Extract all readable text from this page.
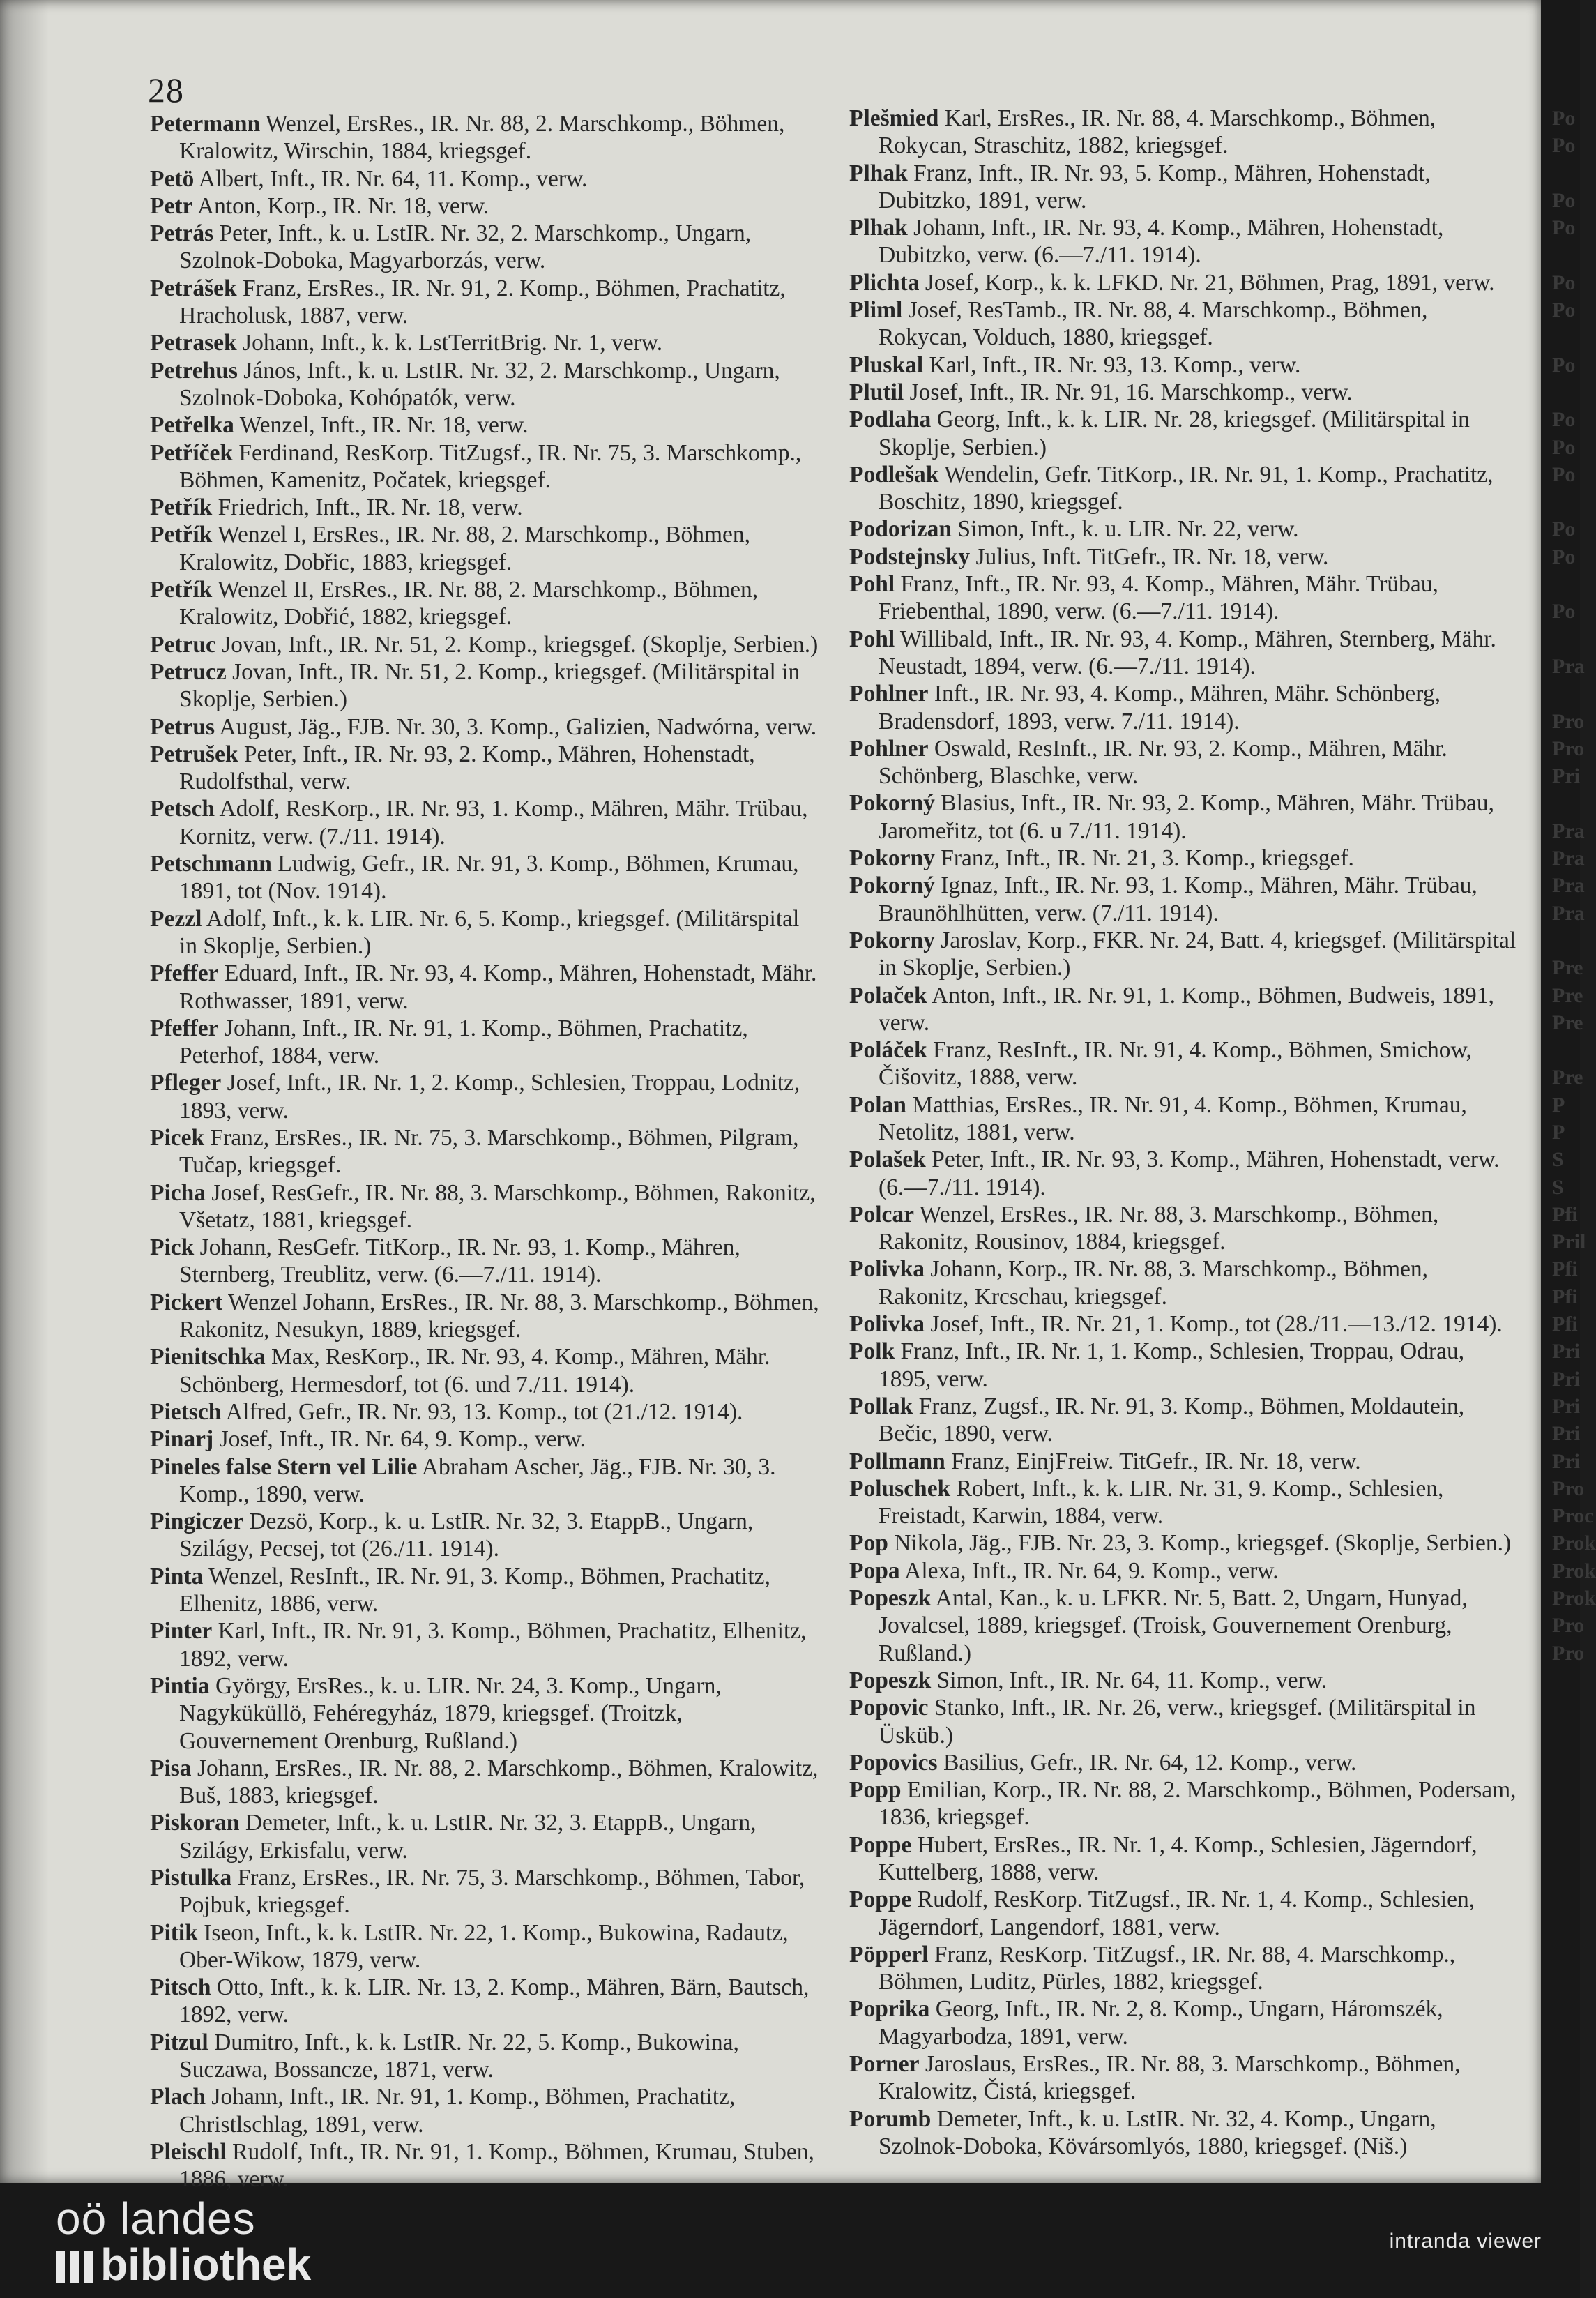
28
Petermann Wenzel, ErsRes., IR. Nr. 88, 2. Marschkomp., Böhmen, Kralowitz, Wirschin, 1884, kriegsgef.
Petö Albert, Inft., IR. Nr. 64, 11. Komp., verw.
Petr Anton, Korp., IR. Nr. 18, verw.
Petrás Peter, Inft., k. u. LstIR. Nr. 32, 2. Marschkomp., Ungarn, Szolnok-Doboka, Magyarborzás, verw.
Petrášek Franz, ErsRes., IR. Nr. 91, 2. Komp., Böhmen, Prachatitz, Hracholusk, 1887, verw.
Petrasek Johann, Inft., k. k. LstTerritBrig. Nr. 1, verw.
Petrehus János, Inft., k. u. LstIR. Nr. 32, 2. Marschkomp., Ungarn, Szolnok-Doboka, Kohópatók, verw.
Petřelka Wenzel, Inft., IR. Nr. 18, verw.
Petříček Ferdinand, ResKorp. TitZugsf., IR. Nr. 75, 3. Marschkomp., Böhmen, Kamenitz, Počatek, kriegsgef.
Petřík Friedrich, Inft., IR. Nr. 18, verw.
Petřík Wenzel I, ErsRes., IR. Nr. 88, 2. Marschkomp., Böhmen, Kralowitz, Dobřic, 1883, kriegsgef.
Petřík Wenzel II, ErsRes., IR. Nr. 88, 2. Marschkomp., Böhmen, Kralowitz, Dobřić, 1882, kriegsgef.
Petruc Jovan, Inft., IR. Nr. 51, 2. Komp., kriegsgef. (Skoplje, Serbien.)
Petrucz Jovan, Inft., IR. Nr. 51, 2. Komp., kriegsgef. (Militärspital in Skoplje, Serbien.)
Petrus August, Jäg., FJB. Nr. 30, 3. Komp., Galizien, Nadwórna, verw.
Petrušek Peter, Inft., IR. Nr. 93, 2. Komp., Mähren, Hohenstadt, Rudolfsthal, verw.
Petsch Adolf, ResKorp., IR. Nr. 93, 1. Komp., Mähren, Mähr. Trübau, Kornitz, verw. (7./11. 1914).
Petschmann Ludwig, Gefr., IR. Nr. 91, 3. Komp., Böhmen, Krumau, 1891, tot (Nov. 1914).
Pezzl Adolf, Inft., k. k. LIR. Nr. 6, 5. Komp., kriegsgef. (Militärspital in Skoplje, Serbien.)
Pfeffer Eduard, Inft., IR. Nr. 93, 4. Komp., Mähren, Hohenstadt, Mähr. Rothwasser, 1891, verw.
Pfeffer Johann, Inft., IR. Nr. 91, 1. Komp., Böhmen, Prachatitz, Peterhof, 1884, verw.
Pfleger Josef, Inft., IR. Nr. 1, 2. Komp., Schlesien, Troppau, Lodnitz, 1893, verw.
Picek Franz, ErsRes., IR. Nr. 75, 3. Marschkomp., Böhmen, Pilgram, Tučap, kriegsgef.
Picha Josef, ResGefr., IR. Nr. 88, 3. Marschkomp., Böhmen, Rakonitz, Všetatz, 1881, kriegsgef.
Pick Johann, ResGefr. TitKorp., IR. Nr. 93, 1. Komp., Mähren, Sternberg, Treublitz, verw. (6.—7./11. 1914).
Pickert Wenzel Johann, ErsRes., IR. Nr. 88, 3. Marschkomp., Böhmen, Rakonitz, Nesukyn, 1889, kriegsgef.
Pienitschka Max, ResKorp., IR. Nr. 93, 4. Komp., Mähren, Mähr. Schönberg, Hermesdorf, tot (6. und 7./11. 1914).
Pietsch Alfred, Gefr., IR. Nr. 93, 13. Komp., tot (21./12. 1914).
Pinarj Josef, Inft., IR. Nr. 64, 9. Komp., verw.
Pineles false Stern vel Lilie Abraham Ascher, Jäg., FJB. Nr. 30, 3. Komp., 1890, verw.
Pingiczer Dezsö, Korp., k. u. LstIR. Nr. 32, 3. EtappB., Ungarn, Szilágy, Pecsej, tot (26./11. 1914).
Pinta Wenzel, ResInft., IR. Nr. 91, 3. Komp., Böhmen, Prachatitz, Elhenitz, 1886, verw.
Pinter Karl, Inft., IR. Nr. 91, 3. Komp., Böhmen, Prachatitz, Elhenitz, 1892, verw.
Pintia György, ErsRes., k. u. LIR. Nr. 24, 3. Komp., Ungarn, Nagyküküllö, Fehéregyház, 1879, kriegsgef. (Troitzk, Gouvernement Orenburg, Rußland.)
Pisa Johann, ErsRes., IR. Nr. 88, 2. Marschkomp., Böhmen, Kralowitz, Buš, 1883, kriegsgef.
Piskoran Demeter, Inft., k. u. LstIR. Nr. 32, 3. EtappB., Ungarn, Szilágy, Erkisfalu, verw.
Pistulka Franz, ErsRes., IR. Nr. 75, 3. Marschkomp., Böhmen, Tabor, Pojbuk, kriegsgef.
Pitik Iseon, Inft., k. k. LstIR. Nr. 22, 1. Komp., Bukowina, Radautz, Ober-Wikow, 1879, verw.
Pitsch Otto, Inft., k. k. LIR. Nr. 13, 2. Komp., Mähren, Bärn, Bautsch, 1892, verw.
Pitzul Dumitro, Inft., k. k. LstIR. Nr. 22, 5. Komp., Bukowina, Suczawa, Bossancze, 1871, verw.
Plach Johann, Inft., IR. Nr. 91, 1. Komp., Böhmen, Prachatitz, Christlschlag, 1891, verw.
Pleischl Rudolf, Inft., IR. Nr. 91, 1. Komp., Böhmen, Krumau, Stuben, 1886, verw.
Plešmied Karl, ErsRes., IR. Nr. 88, 4. Marschkomp., Böhmen, Rokycan, Straschitz, 1882, kriegsgef.
Plhak Franz, Inft., IR. Nr. 93, 5. Komp., Mähren, Hohenstadt, Dubitzko, 1891, verw.
Plhak Johann, Inft., IR. Nr. 93, 4. Komp., Mähren, Hohenstadt, Dubitzko, verw. (6.—7./11. 1914).
Plichta Josef, Korp., k. k. LFKD. Nr. 21, Böhmen, Prag, 1891, verw.
Pliml Josef, ResTamb., IR. Nr. 88, 4. Marschkomp., Böhmen, Rokycan, Volduch, 1880, kriegsgef.
Pluskal Karl, Inft., IR. Nr. 93, 13. Komp., verw.
Plutil Josef, Inft., IR. Nr. 91, 16. Marschkomp., verw.
Podlaha Georg, Inft., k. k. LIR. Nr. 28, kriegsgef. (Militärspital in Skoplje, Serbien.)
Podlešak Wendelin, Gefr. TitKorp., IR. Nr. 91, 1. Komp., Prachatitz, Boschitz, 1890, kriegsgef.
Podorizan Simon, Inft., k. u. LIR. Nr. 22, verw.
Podstejnsky Julius, Inft. TitGefr., IR. Nr. 18, verw.
Pohl Franz, Inft., IR. Nr. 93, 4. Komp., Mähren, Mähr. Trübau, Friebenthal, 1890, verw. (6.—7./11. 1914).
Pohl Willibald, Inft., IR. Nr. 93, 4. Komp., Mähren, Sternberg, Mähr. Neustadt, 1894, verw. (6.—7./11. 1914).
Pohlner Inft., IR. Nr. 93, 4. Komp., Mähren, Mähr. Schönberg, Bradensdorf, 1893, verw. 7./11. 1914).
Pohlner Oswald, ResInft., IR. Nr. 93, 2. Komp., Mähren, Mähr. Schönberg, Blaschke, verw.
Pokorný Blasius, Inft., IR. Nr. 93, 2. Komp., Mähren, Mähr. Trübau, Jaromeřitz, tot (6. u 7./11. 1914).
Pokorny Franz, Inft., IR. Nr. 21, 3. Komp., kriegsgef.
Pokorný Ignaz, Inft., IR. Nr. 93, 1. Komp., Mähren, Mähr. Trübau, Braunöhlhütten, verw. (7./11. 1914).
Pokorny Jaroslav, Korp., FKR. Nr. 24, Batt. 4, kriegsgef. (Militärspital in Skoplje, Serbien.)
Polaček Anton, Inft., IR. Nr. 91, 1. Komp., Böhmen, Budweis, 1891, verw.
Poláček Franz, ResInft., IR. Nr. 91, 4. Komp., Böhmen, Smichow, Čišovitz, 1888, verw.
Polan Matthias, ErsRes., IR. Nr. 91, 4. Komp., Böhmen, Krumau, Netolitz, 1881, verw.
Polašek Peter, Inft., IR. Nr. 93, 3. Komp., Mähren, Hohenstadt, verw. (6.—7./11. 1914).
Polcar Wenzel, ErsRes., IR. Nr. 88, 3. Marschkomp., Böhmen, Rakonitz, Rousinov, 1884, kriegsgef.
Polivka Johann, Korp., IR. Nr. 88, 3. Marschkomp., Böhmen, Rakonitz, Krcschau, kriegsgef.
Polivka Josef, Inft., IR. Nr. 21, 1. Komp., tot (28./11.—13./12. 1914).
Polk Franz, Inft., IR. Nr. 1, 1. Komp., Schlesien, Troppau, Odrau, 1895, verw.
Pollak Franz, Zugsf., IR. Nr. 91, 3. Komp., Böhmen, Moldautein, Bečic, 1890, verw.
Pollmann Franz, EinjFreiw. TitGefr., IR. Nr. 18, verw.
Poluschek Robert, Inft., k. k. LIR. Nr. 31, 9. Komp., Schlesien, Freistadt, Karwin, 1884, verw.
Pop Nikola, Jäg., FJB. Nr. 23, 3. Komp., kriegsgef. (Skoplje, Serbien.)
Popa Alexa, Inft., IR. Nr. 64, 9. Komp., verw.
Popeszk Antal, Kan., k. u. LFKR. Nr. 5, Batt. 2, Ungarn, Hunyad, Jovalcsel, 1889, kriegsgef. (Troisk, Gouvernement Orenburg, Rußland.)
Popeszk Simon, Inft., IR. Nr. 64, 11. Komp., verw.
Popovic Stanko, Inft., IR. Nr. 26, verw., kriegsgef. (Militärspital in Üsküb.)
Popovics Basilius, Gefr., IR. Nr. 64, 12. Komp., verw.
Popp Emilian, Korp., IR. Nr. 88, 2. Marschkomp., Böhmen, Podersam, 1836, kriegsgef.
Poppe Hubert, ErsRes., IR. Nr. 1, 4. Komp., Schlesien, Jägerndorf, Kuttelberg, 1888, verw.
Poppe Rudolf, ResKorp. TitZugsf., IR. Nr. 1, 4. Komp., Schlesien, Jägerndorf, Langendorf, 1881, verw.
Pöpperl Franz, ResKorp. TitZugsf., IR. Nr. 88, 4. Marschkomp., Böhmen, Luditz, Pürles, 1882, kriegsgef.
Poprika Georg, Inft., IR. Nr. 2, 8. Komp., Ungarn, Háromszék, Magyarbodza, 1891, verw.
Porner Jaroslaus, ErsRes., IR. Nr. 88, 3. Marschkomp., Böhmen, Kralowitz, Čistá, kriegsgef.
Porumb Demeter, Inft., k. u. LstIR. Nr. 32, 4. Komp., Ungarn, Szolnok-Doboka, Kövársomlyós, 1880, kriegsgef. (Niš.)
Po
Po

Po
Po

Po
Po

Po

Po
Po
Po

Po
Po

Po

Pra

Pro
Pro
Pri

Pra
Pra
Pra
Pra

Pre
Pre
Pre

Pre
P
P
S
S
Pfi
Pril
Pfi
Pfi
Pfi
Pri
Pri
Pri
Pri
Pri
Pro
Proc
Prok
Prok
Prok
Pro
Pro
oö landes
bibliothek	intranda viewer
